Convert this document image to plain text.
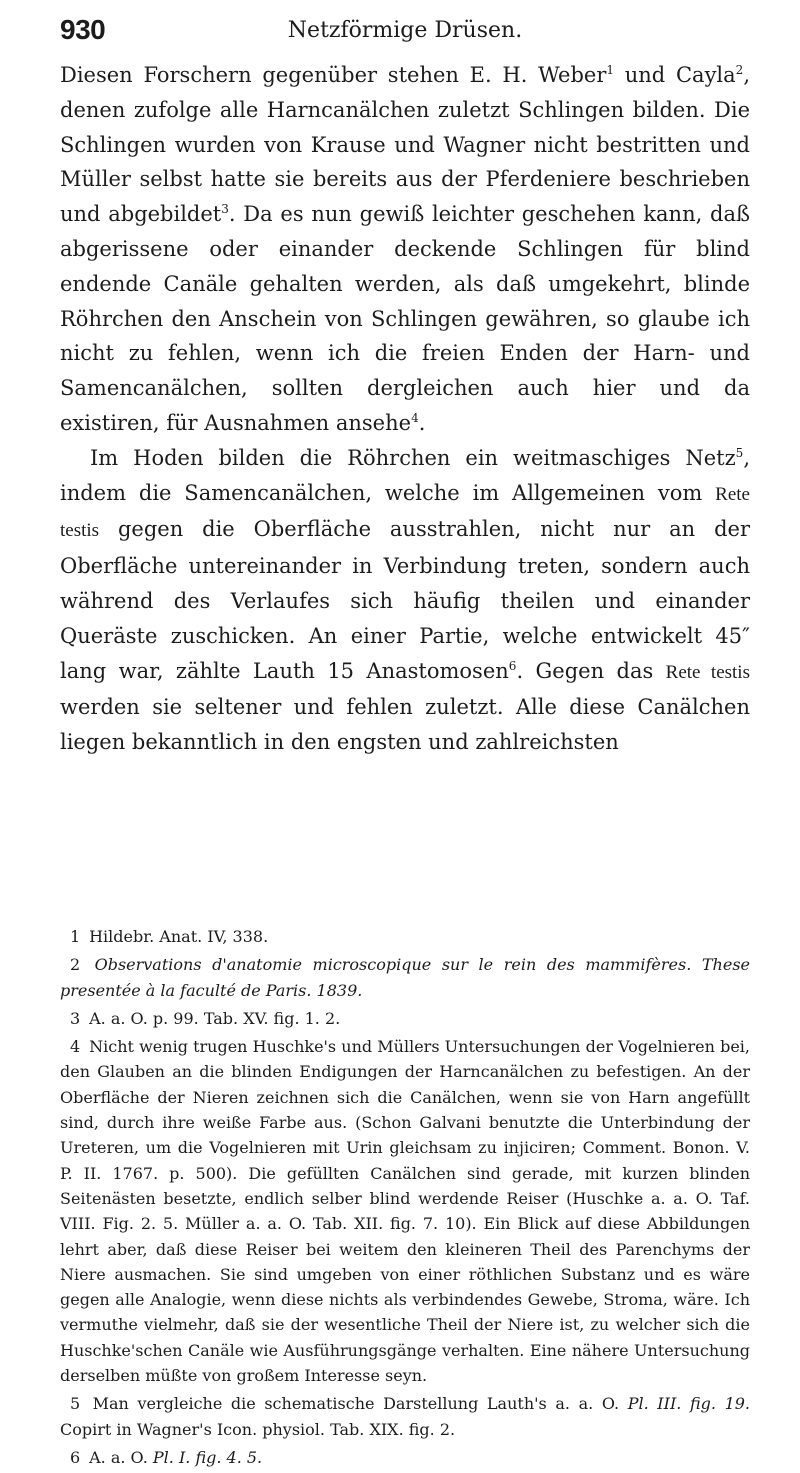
930	Netzförmige Drüsen.

Diesen Forschern gegenüber stehen E. H. Weber$^1$ und Cayla$^2$, denen zufolge alle Harncanälchen zuletzt Schlingen bilden. Die Schlingen wurden von Krause und Wagner nicht bestritten und Müller selbst hatte sie bereits aus der Pferdeniere beschrieben und abgebildet$^3$. Da es nun gewiß leichter geschehen kann, daß abgerissene oder einander deckende Schlingen für blind endende Canäle gehalten werden, als daß umgekehrt, blinde Röhrchen den Anschein von Schlingen gewähren, so glaube ich nicht zu fehlen, wenn ich die freien Enden der Harn- und Samencanälchen, sollten dergleichen auch hier und da existiren, für Ausnahmen ansehe$^4$.

Im Hoden bilden die Röhrchen ein weitmaschiges Netz$^5$, indem die Samencanälchen, welche im Allgemeinen vom Rete testis gegen die Oberfläche ausstrahlen, nicht nur an der Oberfläche untereinander in Verbindung treten, sondern auch während des Verlaufes sich häufig theilen und einander Queräste zuschicken. An einer Partie, welche entwickelt 45″ lang war, zählte Lauth 15 Anastomosen$^6$. Gegen das Rete testis werden sie seltener und fehlen zuletzt. Alle diese Canälchen liegen bekanntlich in den engsten und zahlreichsten

1 Hildebr. Anat. IV, 338.
2 Observations d'anatomie microscopique sur le rein des mammifères. These presentée à la faculté de Paris. 1839.
3 A. a. O. p. 99. Tab. XV. fig. 1. 2.
4 Nicht wenig trugen Huschke's und Müllers Untersuchungen der Vogelnieren bei, den Glauben an die blinden Endigungen der Harncanälchen zu befestigen. An der Oberfläche der Nieren zeichnen sich die Canälchen, wenn sie von Harn angefüllt sind, durch ihre weiße Farbe aus. (Schon Galvani benutzte die Unterbindung der Ureteren, um die Vogelnieren mit Urin gleichsam zu injiciren; Comment. Bonon. V. P. II. 1767. p. 500). Die gefüllten Canälchen sind gerade, mit kurzen blinden Seitenästen besetzte, endlich selber blind werdende Reiser (Huschke a. a. O. Taf. VIII. Fig. 2. 5. Müller a. a. O. Tab. XII. fig. 7. 10). Ein Blick auf diese Abbildungen lehrt aber, daß diese Reiser bei weitem den kleineren Theil des Parenchyms der Niere ausmachen. Sie sind umgeben von einer röthlichen Substanz und es wäre gegen alle Analogie, wenn diese nichts als verbindendes Gewebe, Stroma, wäre. Ich vermuthe vielmehr, daß sie der wesentliche Theil der Niere ist, zu welcher sich die Huschke'schen Canäle wie Ausführungsgänge verhalten. Eine nähere Untersuchung derselben müßte von großem Interesse seyn.
5 Man vergleiche die schematische Darstellung Lauth's a. a. O. Pl. III. fig. 19. Copirt in Wagner's Icon. physiol. Tab. XIX. fig. 2.
6 A. a. O. Pl. I. fig. 4. 5.
